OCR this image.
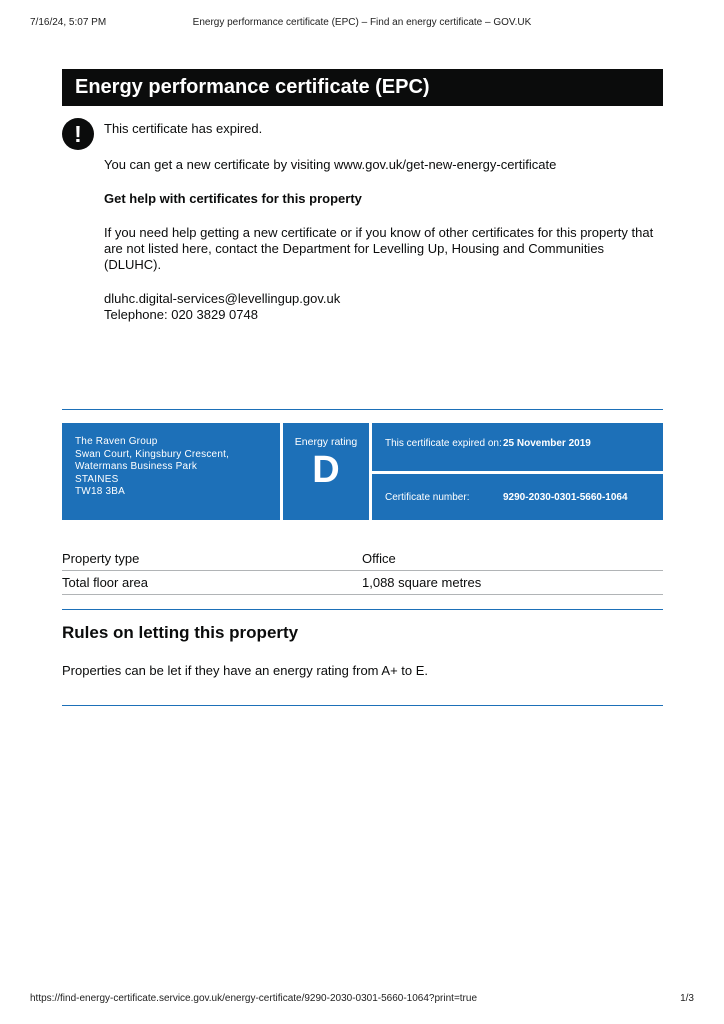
Energy performance certificate (EPC) – Find an energy certificate – GOV.UK
7/16/24, 5:07 PM
Energy performance certificate (EPC)
!	This certificate has expired.

You can get a new certificate by visiting www.gov.uk/get-new-energy-certificate

Get help with certificates for this property

If you need help getting a new certificate or if you know of other certificates for this property that are not listed here, contact the Department for Levelling Up, Housing and Communities (DLUHC).

dluhc.digital-services@levellingup.gov.uk
Telephone: 020 3829 0748

The Raven Group
Swan Court, Kingsbury Crescent,
Watermans Business Park
STAINES
TW18 3BA
Energy rating
D
This certificate expired on: 25 November 2019
Certificate number:	9290-2030-0301-5660-1064
Property type	Office
Total floor area	1,088 square metres
Rules on letting this property

Properties can be let if they have an energy rating from A+ to E.

https://find-energy-certificate.service.gov.uk/energy-certificate/9290-2030-0301-5660-1064?print=true	1/3
